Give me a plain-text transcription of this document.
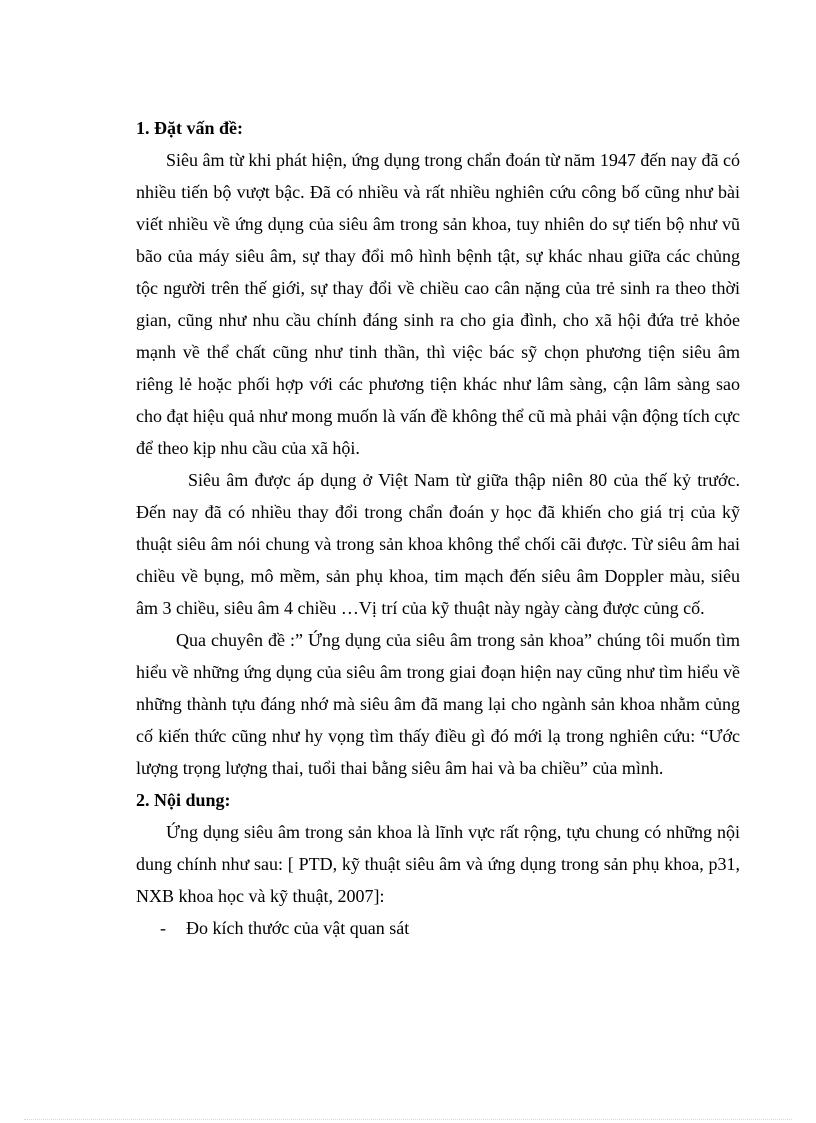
1. Đặt vấn đề:

Siêu âm từ khi phát hiện, ứng dụng trong chẩn đoán từ năm 1947 đến nay đã có nhiều tiến bộ vượt bậc. Đã có nhiều và rất nhiều nghiên cứu công bố cũng như bài viết nhiều về ứng dụng của siêu âm trong sản khoa, tuy nhiên do sự tiến bộ như vũ bão của máy siêu âm, sự thay đổi mô hình bệnh tật, sự khác nhau giữa các chủng tộc người trên thế giới, sự thay đổi về chiều cao cân nặng của trẻ sinh ra theo thời gian, cũng như nhu cầu chính đáng sinh ra cho gia đình, cho xã hội đứa trẻ khỏe mạnh về thể chất cũng như tinh thần, thì việc bác sỹ chọn phương tiện siêu âm riêng lẻ hoặc phối hợp với các phương tiện khác như lâm sàng, cận lâm sàng sao cho đạt hiệu quả như mong muốn là vấn đề không thể cũ mà phải vận động tích cực để theo kịp nhu cầu của xã hội.

Siêu âm được áp dụng ở Việt Nam từ giữa thập niên 80 của thế kỷ trước. Đến nay đã có nhiều thay đổi trong chẩn đoán y học đã khiến cho giá trị của kỹ thuật siêu âm nói chung và trong sản khoa không thể chối cãi được. Từ siêu âm hai chiều về bụng, mô mềm, sản phụ khoa, tim mạch đến siêu âm Doppler màu, siêu âm 3 chiều, siêu âm 4 chiều …Vị trí của kỹ thuật này ngày càng được củng cố.

Qua chuyên đề :” Ứng dụng của siêu âm trong sản khoa” chúng tôi muốn tìm hiểu về những ứng dụng của siêu âm trong giai đoạn hiện nay cũng như tìm hiểu về những thành tựu đáng nhớ mà siêu âm đã mang lại cho ngành sản khoa nhằm củng cố kiến thức cũng như hy vọng tìm thấy điều gì đó mới lạ trong nghiên cứu: “Ước lượng trọng lượng thai, tuổi thai bằng siêu âm hai và ba chiều” của mình.

2. Nội dung:

Ứng dụng siêu âm trong sản khoa là lĩnh vực rất rộng, tựu chung có những nội dung chính như sau: [ PTD, kỹ thuật siêu âm và ứng dụng trong sản phụ khoa, p31, NXB khoa học và kỹ thuật, 2007]:

-	Đo kích thước của vật quan sát
